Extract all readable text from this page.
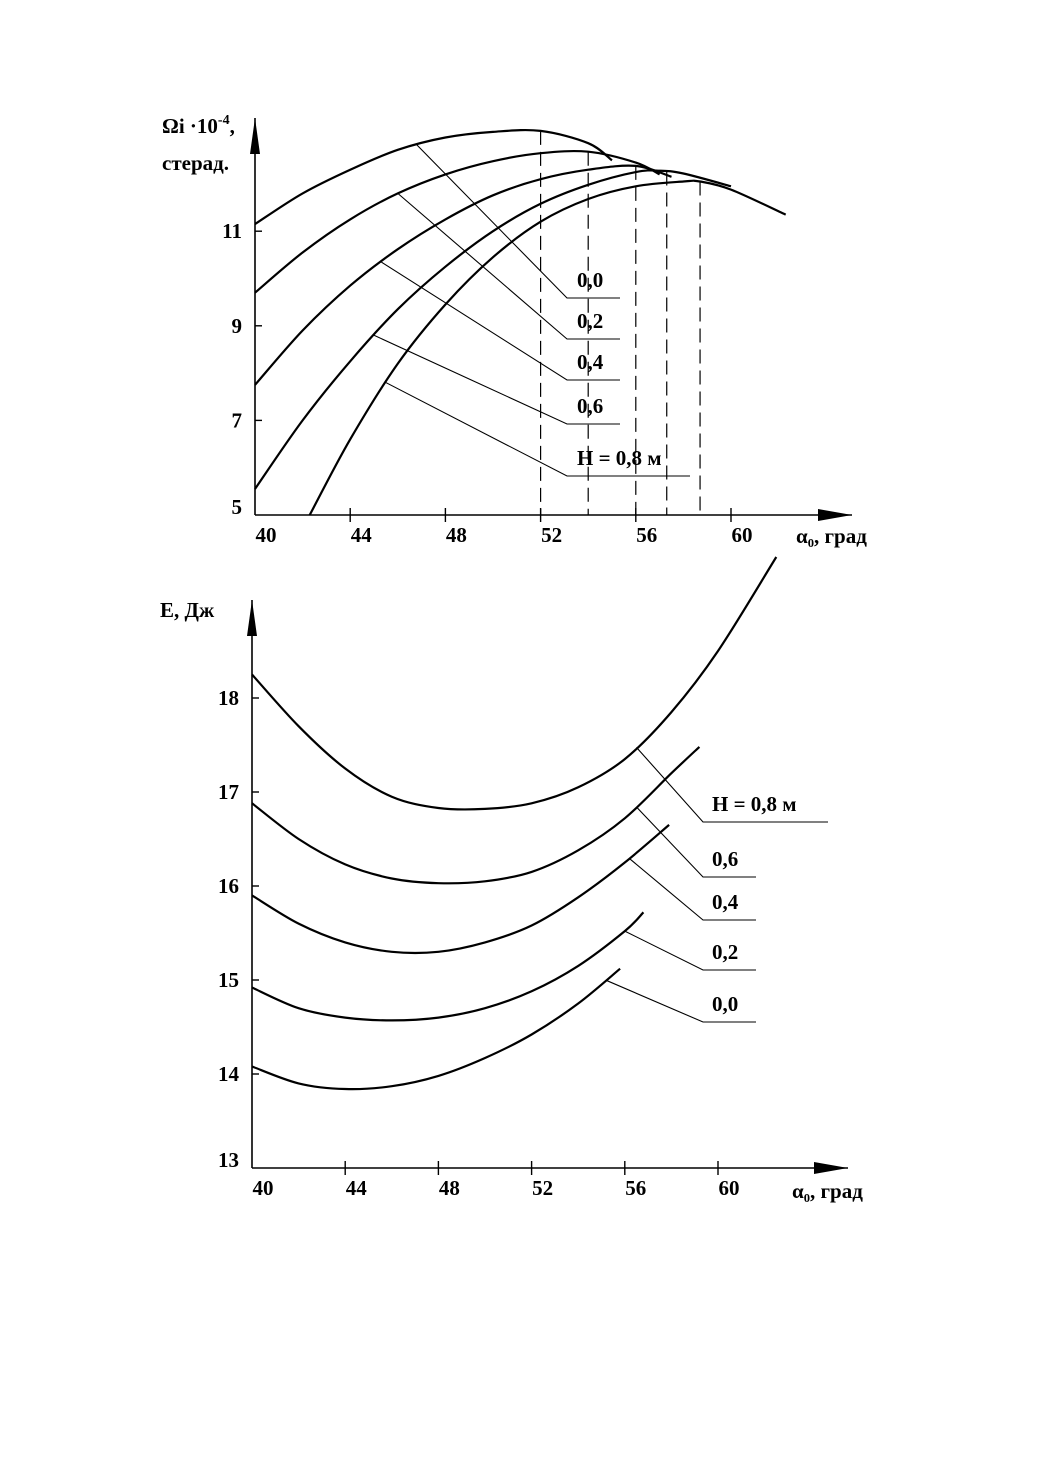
$\Omega i \cdot 10^{-4}$,
стерад.
α₀, град
40	44	48	52	56	60
5
7
9
11
0,0
0,2
0,4
0,6
H = 0,8 м
E, Дж
α₀, град
40	44	48	52	56	60
13
14
15
16
17
18
H = 0,8 м
0,6
0,4
0,2
0,0
